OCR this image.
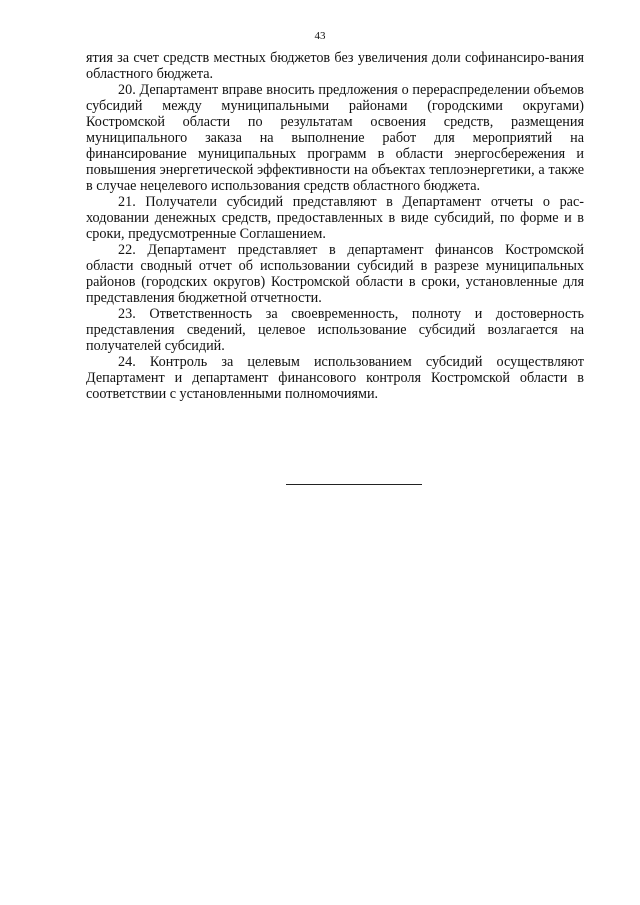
43

ятия за счет средств местных бюджетов без увеличения доли софинансиро-вания областного бюджета.

20. Департамент вправе вносить предложения о перераспределении объемов субсидий между муниципальными районами (городскими округами) Костромской области по результатам освоения средств, размещения муниципального заказа на выполнение работ для мероприятий на финансирование муниципальных программ в области энергосбережения и повышения энергетической эффективности на объектах теплоэнергетики, а также в случае нецелевого использования средств областного бюджета.

21. Получатели субсидий представляют в Департамент отчеты о рас-ходовании денежных средств, предоставленных в виде субсидий, по форме и в сроки, предусмотренные Соглашением.

22. Департамент представляет в департамент финансов Костромской области сводный отчет об использовании субсидий в разрезе муниципальных районов (городских округов) Костромской области в сроки, установленные для представления бюджетной отчетности.

23. Ответственность за своевременность, полноту и достоверность представления сведений, целевое использование субсидий возлагается на получателей субсидий.

24. Контроль за целевым использованием субсидий осуществляют Департамент и департамент финансового контроля Костромской области в соответствии с установленными полномочиями.
